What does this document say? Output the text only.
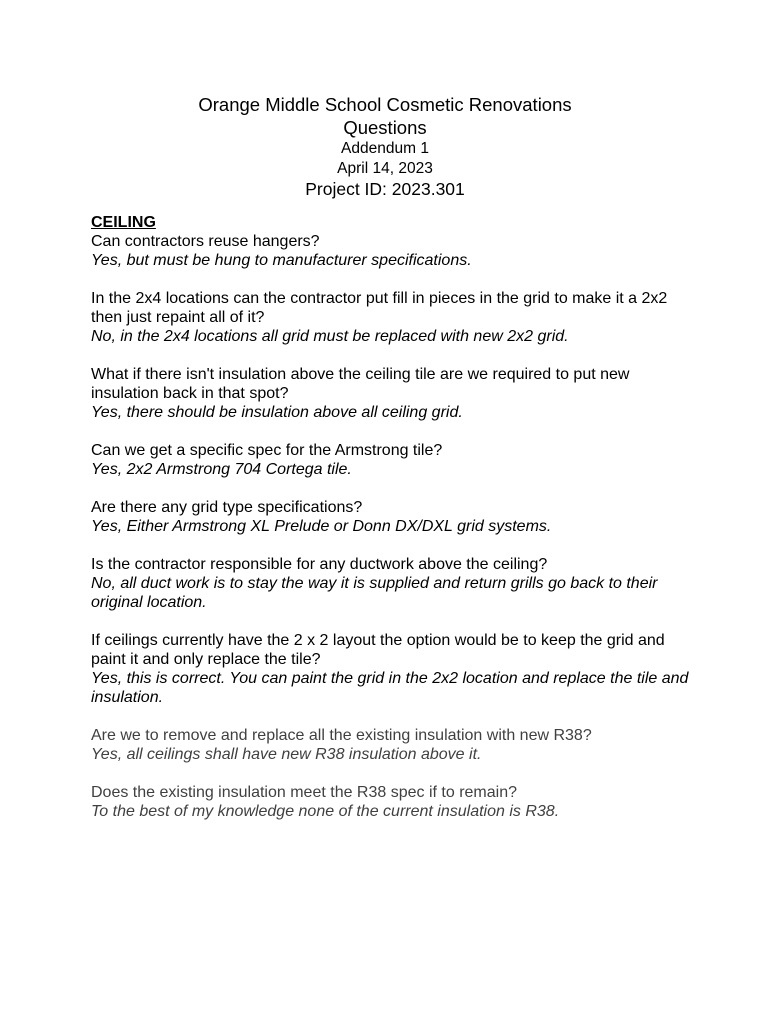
Orange Middle School Cosmetic Renovations
Questions
Addendum 1
April 14, 2023
Project ID: 2023.301
CEILING
Can contractors reuse hangers?
Yes, but must be hung to manufacturer specifications.
In the 2x4 locations can the contractor put fill in pieces in the grid to make it a 2x2 then just repaint all of it?
No, in the 2x4 locations all grid must be replaced with new 2x2 grid.
What if there isn't insulation above the ceiling tile are we required to put new insulation back in that spot?
Yes, there should be insulation above all ceiling grid.
Can we get a specific spec for the Armstrong tile?
Yes, 2x2 Armstrong 704 Cortega tile.
Are there any grid type specifications?
Yes, Either Armstrong XL Prelude or Donn DX/DXL grid systems.
Is the contractor responsible for any ductwork above the ceiling?
No, all duct work is to stay the way it is supplied and return grills go back to their original location.
If ceilings currently have the 2 x 2 layout the option would be to keep the grid and paint it and only replace the tile?
Yes, this is correct. You can paint the grid in the 2x2 location and replace the tile and insulation.
Are we to remove and replace all the existing insulation with new R38?
Yes, all ceilings shall have new R38 insulation above it.
Does the existing insulation meet the R38 spec if to remain?
To the best of my knowledge none of the current insulation is R38.
